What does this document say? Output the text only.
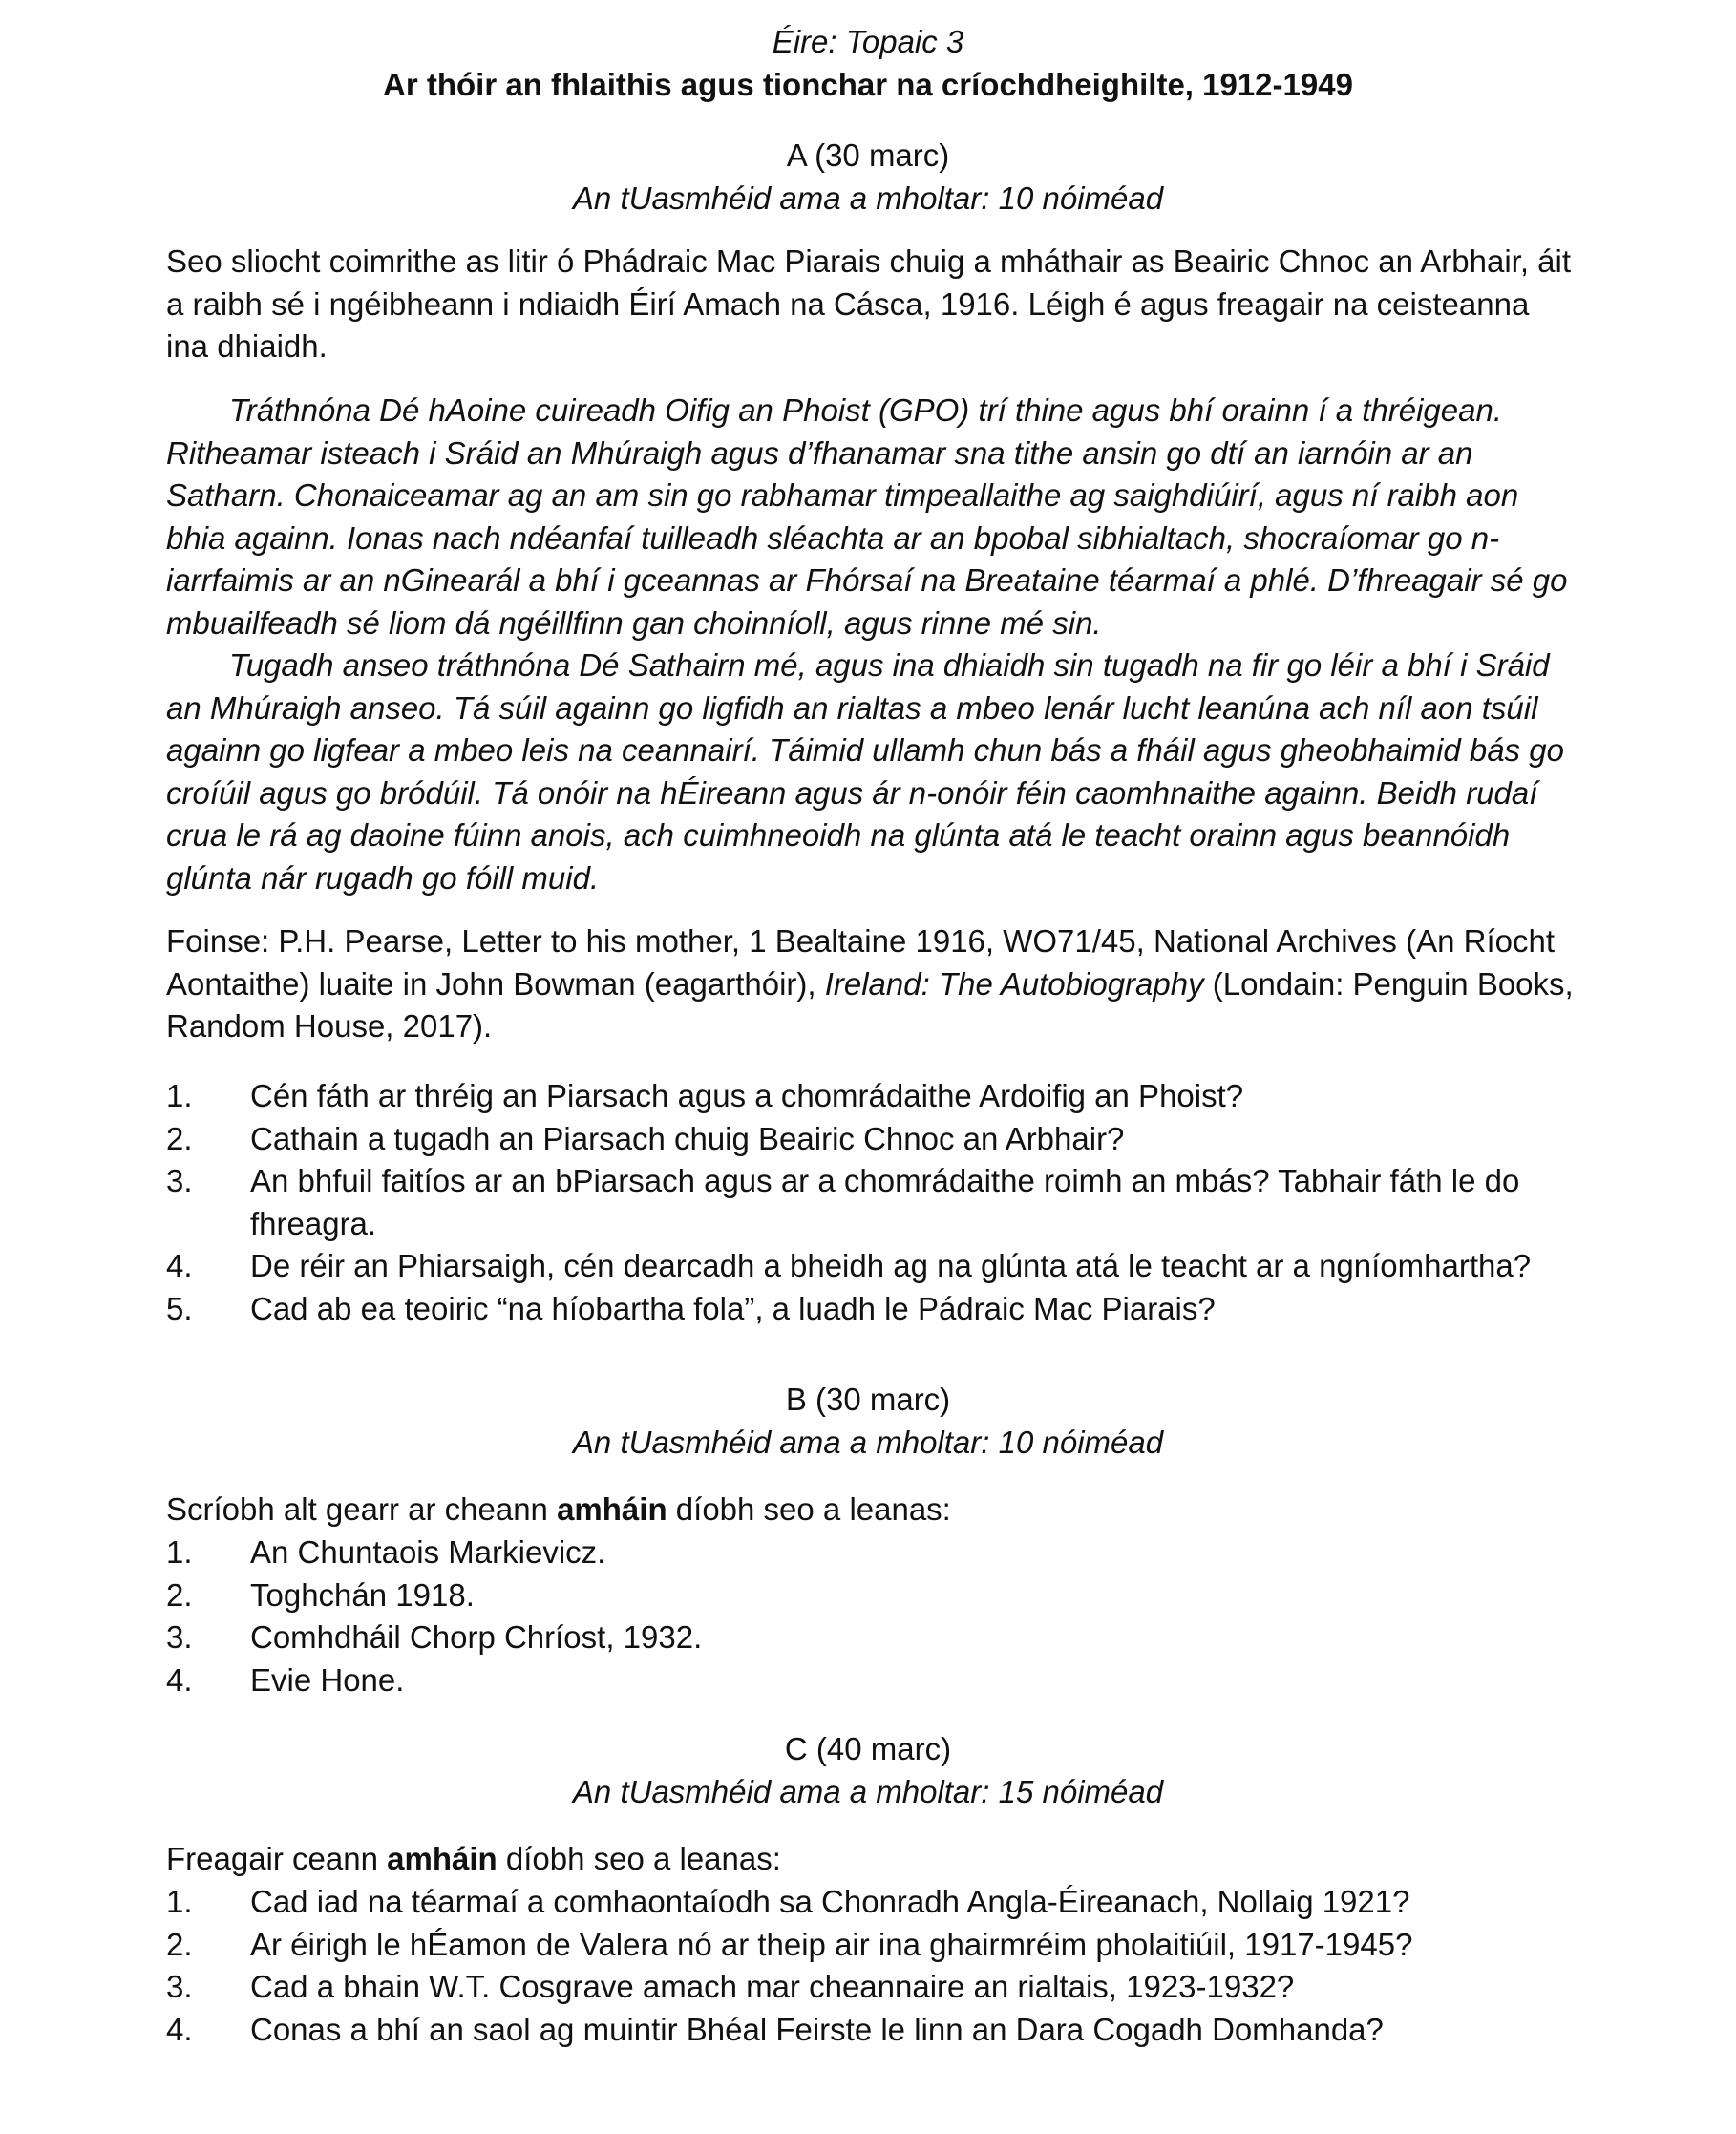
Éire: Topaic 3
Ar thóir an fhlaithis agus tionchar na críochdheighilte, 1912-1949
A (30 marc)
An tUasmhéid ama a mholtar: 10 nóiméad
Seo sliocht coimrithe as litir ó Phádraic Mac Piarais chuig a mháthair as Beairic Chnoc an Arbhair, áit a raibh sé i ngéibheann i ndiaidh Éirí Amach na Cásca, 1916. Léigh é agus freagair na ceisteanna ina dhiaidh.

Tráthnóna Dé hAoine cuireadh Oifig an Phoist (GPO) trí thine agus bhí orainn í a thréigean. Ritheamar isteach i Sráid an Mhúraigh agus d’fhanamar sna tithe ansin go dtí an iarnóin ar an Satharn. Chonaiceamar ag an am sin go rabhamar timpeallaithe ag saighdiúirí, agus ní raibh aon bhia againn. Ionas nach ndéanfaí tuilleadh sléachta ar an bpobal sibhialtach, shocraíomar go n-iarrfaimis ar an nGinearál a bhí i gceannas ar Fhórsaí na Breataine téarmaí a phlé. D’fhreagair sé go mbuailfeadh sé liom dá ngéillfinn gan choinníoll, agus rinne mé sin.

Tugadh anseo tráthnóna Dé Sathairn mé, agus ina dhiaidh sin tugadh na fir go léir a bhí i Sráid an Mhúraigh anseo. Tá súil againn go ligfidh an rialtas a mbeo lenár lucht leanúna ach níl aon tsúil againn go ligfear a mbeo leis na ceannairí. Táimid ullamh chun bás a fháil agus gheobhaimid bás go croíúil agus go bródúil. Tá onóir na hÉireann agus ár n-onóir féin caomhnaithe againn. Beidh rudaí crua le rá ag daoine fúinn anois, ach cuimhneoidh na glúnta atá le teacht orainn agus beannóidh glúnta nár rugadh go fóill muid.

Foinse: P.H. Pearse, Letter to his mother, 1 Bealtaine 1916, WO71/45, National Archives (An Ríocht Aontaithe) luaite in John Bowman (eagarthóir), Ireland: The Autobiography (Londain: Penguin Books, Random House, 2017).
1. Cén fáth ar thréig an Piarsach agus a chomrádaithe Ardoifig an Phoist?
2. Cathain a tugadh an Piarsach chuig Beairic Chnoc an Arbhair?
3. An bhfuil faitíos ar an bPiarsach agus ar a chomrádaithe roimh an mbás? Tabhair fáth le do fhreagra.
4. De réir an Phiarsaigh, cén dearcadh a bheidh ag na glúnta atá le teacht ar a ngníomhartha?
5. Cad ab ea teoiric “na híobartha fola”, a luadh le Pádraic Mac Piarais?
B (30 marc)
An tUasmhéid ama a mholtar: 10 nóiméad
Scríobh alt gearr ar cheann amháin díobh seo a leanas:
1. An Chuntaois Markievicz.
2. Toghchán 1918.
3. Comhdháil Chorp Chríost, 1932.
4. Evie Hone.
C (40 marc)
An tUasmhéid ama a mholtar: 15 nóiméad
Freagair ceann amháin díobh seo a leanas:
1. Cad iad na téarmaí a comhaontaíodh sa Chonradh Angla-Éireanach, Nollaig 1921?
2. Ar éirigh le hÉamon de Valera nó ar theip air ina ghairmréim pholaitiúil, 1917-1945?
3. Cad a bhain W.T. Cosgrave amach mar cheannaire an rialtais, 1923-1932?
4. Conas a bhí an saol ag muintir Bhéal Feirste le linn an Dara Cogadh Domhanda?
